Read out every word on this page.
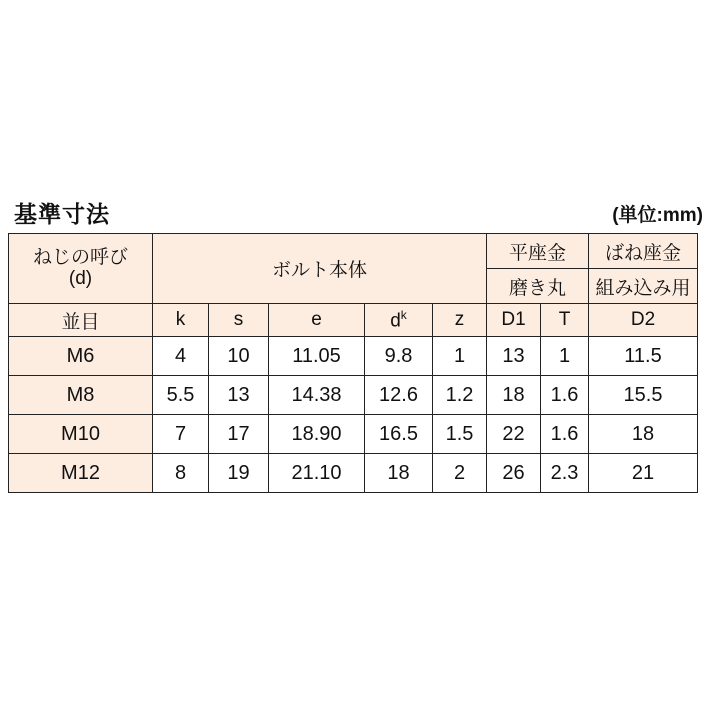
基準寸法	(単位:mm)
ねじの呼び
(d)	ボルト本体					平座金		ばね座金
						磨き丸		組み込み用
並目	k	s	e	$d^k$	z	D1	T	D2
M6	4	10	11.05	9.8	1	13	1	11.5
M8	5.5	13	14.38	12.6	1.2	18	1.6	15.5
M10	7	17	18.90	16.5	1.5	22	1.6	18
M12	8	19	21.10	18	2	26	2.3	21
